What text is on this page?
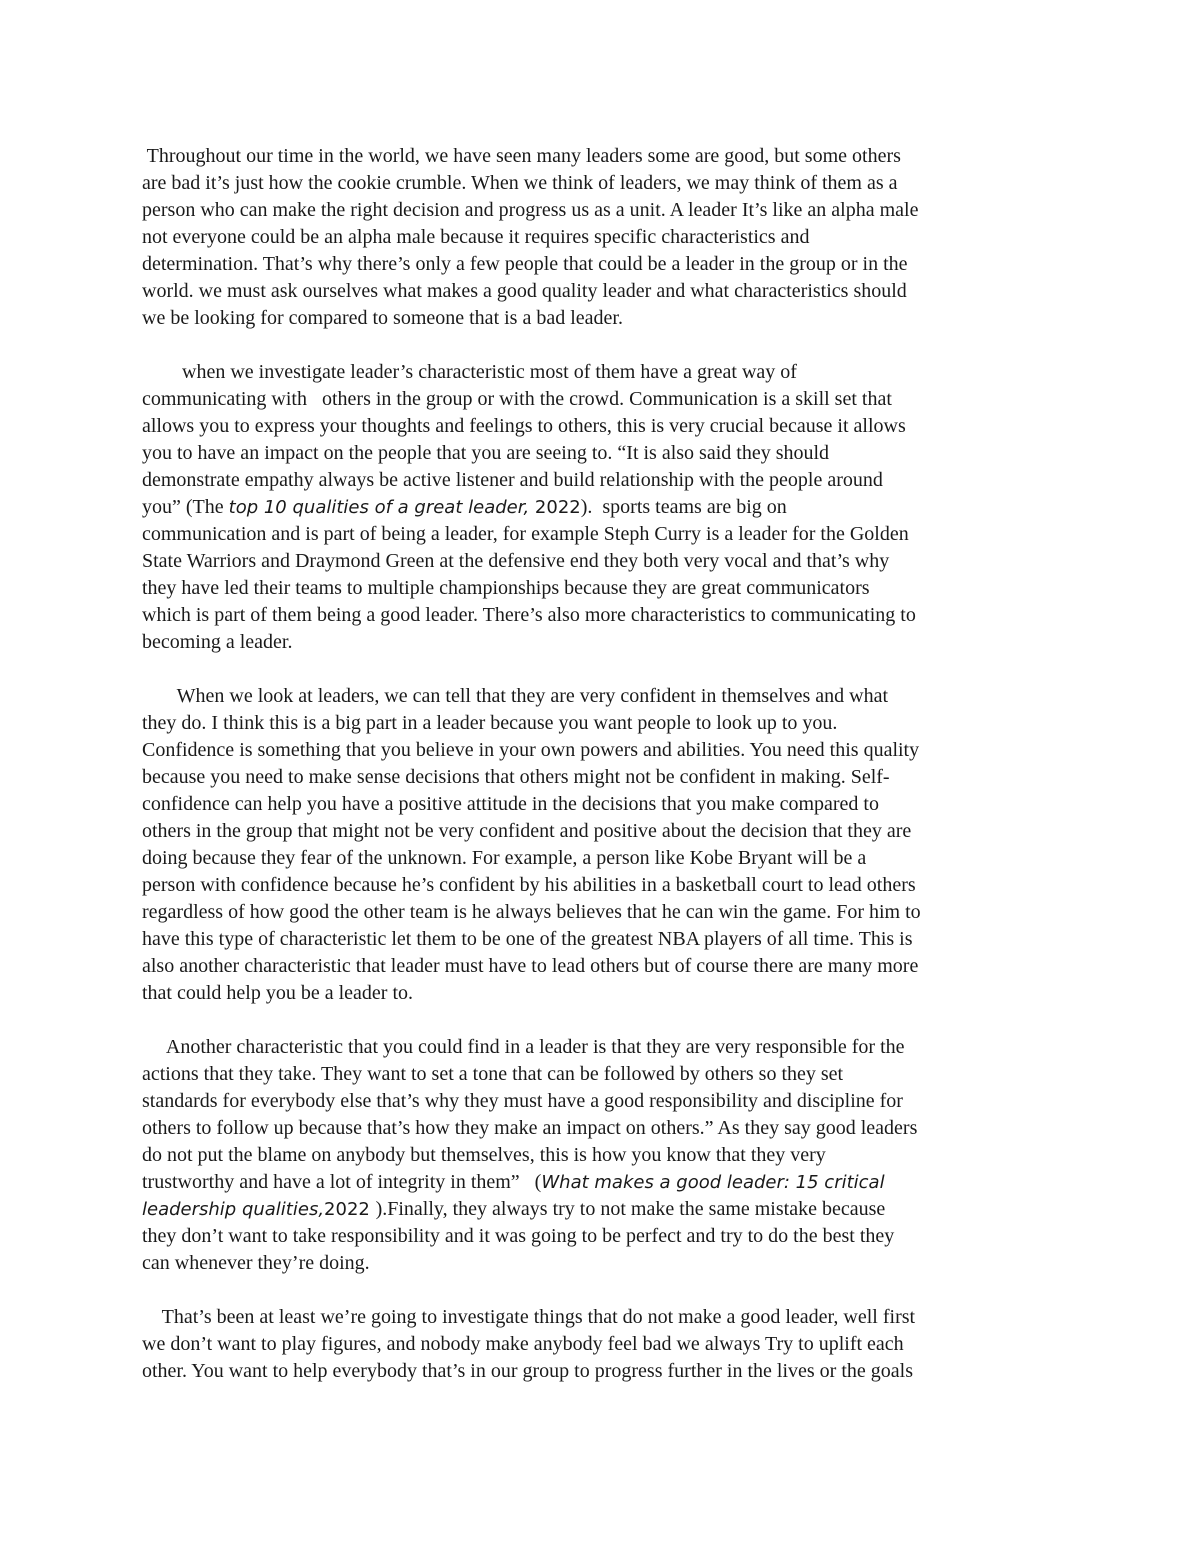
Throughout our time in the world, we have seen many leaders some are good, but some others
are bad it’s just how the cookie crumble. When we think of leaders, we may think of them as a
person who can make the right decision and progress us as a unit. A leader It’s like an alpha male
not everyone could be an alpha male because it requires specific characteristics and
determination. That’s why there’s only a few people that could be a leader in the group or in the
world. we must ask ourselves what makes a good quality leader and what characteristics should
we be looking for compared to someone that is a bad leader.

when we investigate leader’s characteristic most of them have a great way of
communicating with   others in the group or with the crowd. Communication is a skill set that
allows you to express your thoughts and feelings to others, this is very crucial because it allows
you to have an impact on the people that you are seeing to. “It is also said they should
demonstrate empathy always be active listener and build relationship with the people around
you” (The top 10 qualities of a great leader, 2022).  sports teams are big on
communication and is part of being a leader, for example Steph Curry is a leader for the Golden
State Warriors and Draymond Green at the defensive end they both very vocal and that’s why
they have led their teams to multiple championships because they are great communicators
which is part of them being a good leader. There’s also more characteristics to communicating to
becoming a leader.

When we look at leaders, we can tell that they are very confident in themselves and what
they do. I think this is a big part in a leader because you want people to look up to you.
Confidence is something that you believe in your own powers and abilities. You need this quality
because you need to make sense decisions that others might not be confident in making. Self-
confidence can help you have a positive attitude in the decisions that you make compared to
others in the group that might not be very confident and positive about the decision that they are
doing because they fear of the unknown. For example, a person like Kobe Bryant will be a
person with confidence because he’s confident by his abilities in a basketball court to lead others
regardless of how good the other team is he always believes that he can win the game. For him to
have this type of characteristic let them to be one of the greatest NBA players of all time. This is
also another characteristic that leader must have to lead others but of course there are many more
that could help you be a leader to.

Another characteristic that you could find in a leader is that they are very responsible for the
actions that they take. They want to set a tone that can be followed by others so they set
standards for everybody else that’s why they must have a good responsibility and discipline for
others to follow up because that’s how they make an impact on others.” As they say good leaders
do not put the blame on anybody but themselves, this is how you know that they very
trustworthy and have a lot of integrity in them”   (What makes a good leader: 15 critical
leadership qualities,2022 ).Finally, they always try to not make the same mistake because
they don’t want to take responsibility and it was going to be perfect and try to do the best they
can whenever they’re doing.

That’s been at least we’re going to investigate things that do not make a good leader, well first
we don’t want to play figures, and nobody make anybody feel bad we always Try to uplift each
other. You want to help everybody that’s in our group to progress further in the lives or the goals
